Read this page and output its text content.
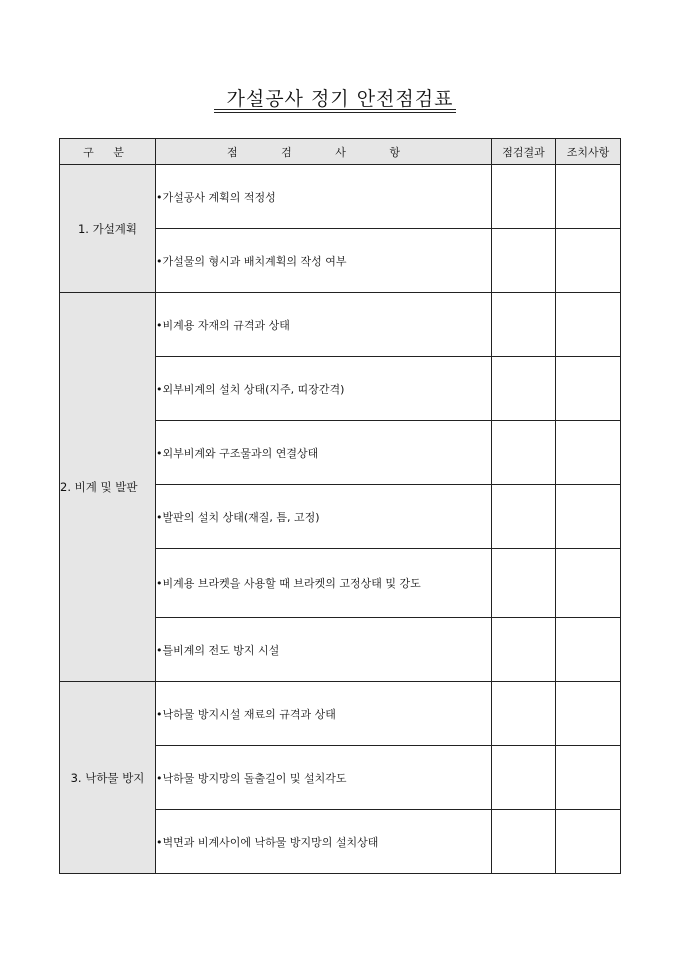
가설공사 정기 안전점검표
구 분	점 검 사 항	점검결과	조치사항
1. 가설계획	•가설공사 계획의 적정성		
	•가설물의 형시과 배치계획의 작성 여부		
2. 비계 및 발판	•비계용 자재의 규격과 상태		
	•외부비계의 설치 상태(지주, 띠장간격)		
	•외부비계와 구조물과의 연결상태		
	•발판의 설치 상태(재질, 틈, 고정)		
	•비계용 브라켓을 사용할 때 브라켓의 고정상태 및 강도		
	•틀비계의 전도 방지 시설		
3. 낙하물 방지	•낙하물 방지시설 재료의 규격과 상태		
	•낙하물 방지망의 돌출길이 및 설치각도		
	•벽면과 비계사이에 낙하물 방지망의 설치상태		
